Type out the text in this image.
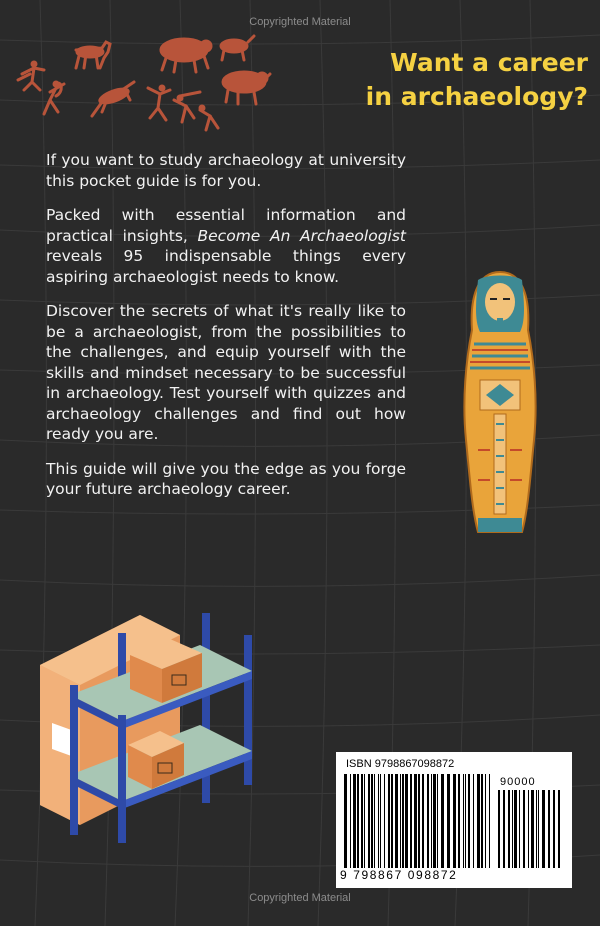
Copyrighted Material
Want a career
in archaeology?

If you want to study archaeology at university this pocket guide is for you.

Packed with essential information and practical insights, Become An Archaeologist reveals 95 indispensable things every aspiring archaeologist needs to know.

Discover the secrets of what it's really like to be a archaeologist, from the possibilities to the challenges, and equip yourself with the skills and mindset necessary to be successful in archaeology. Test yourself with quizzes and archaeology challenges and find out how ready you are.

This guide will give you the edge as you forge your future archaeology career.

ISBN 9798867098872
90000
9 798867 098872
Copyrighted Material
